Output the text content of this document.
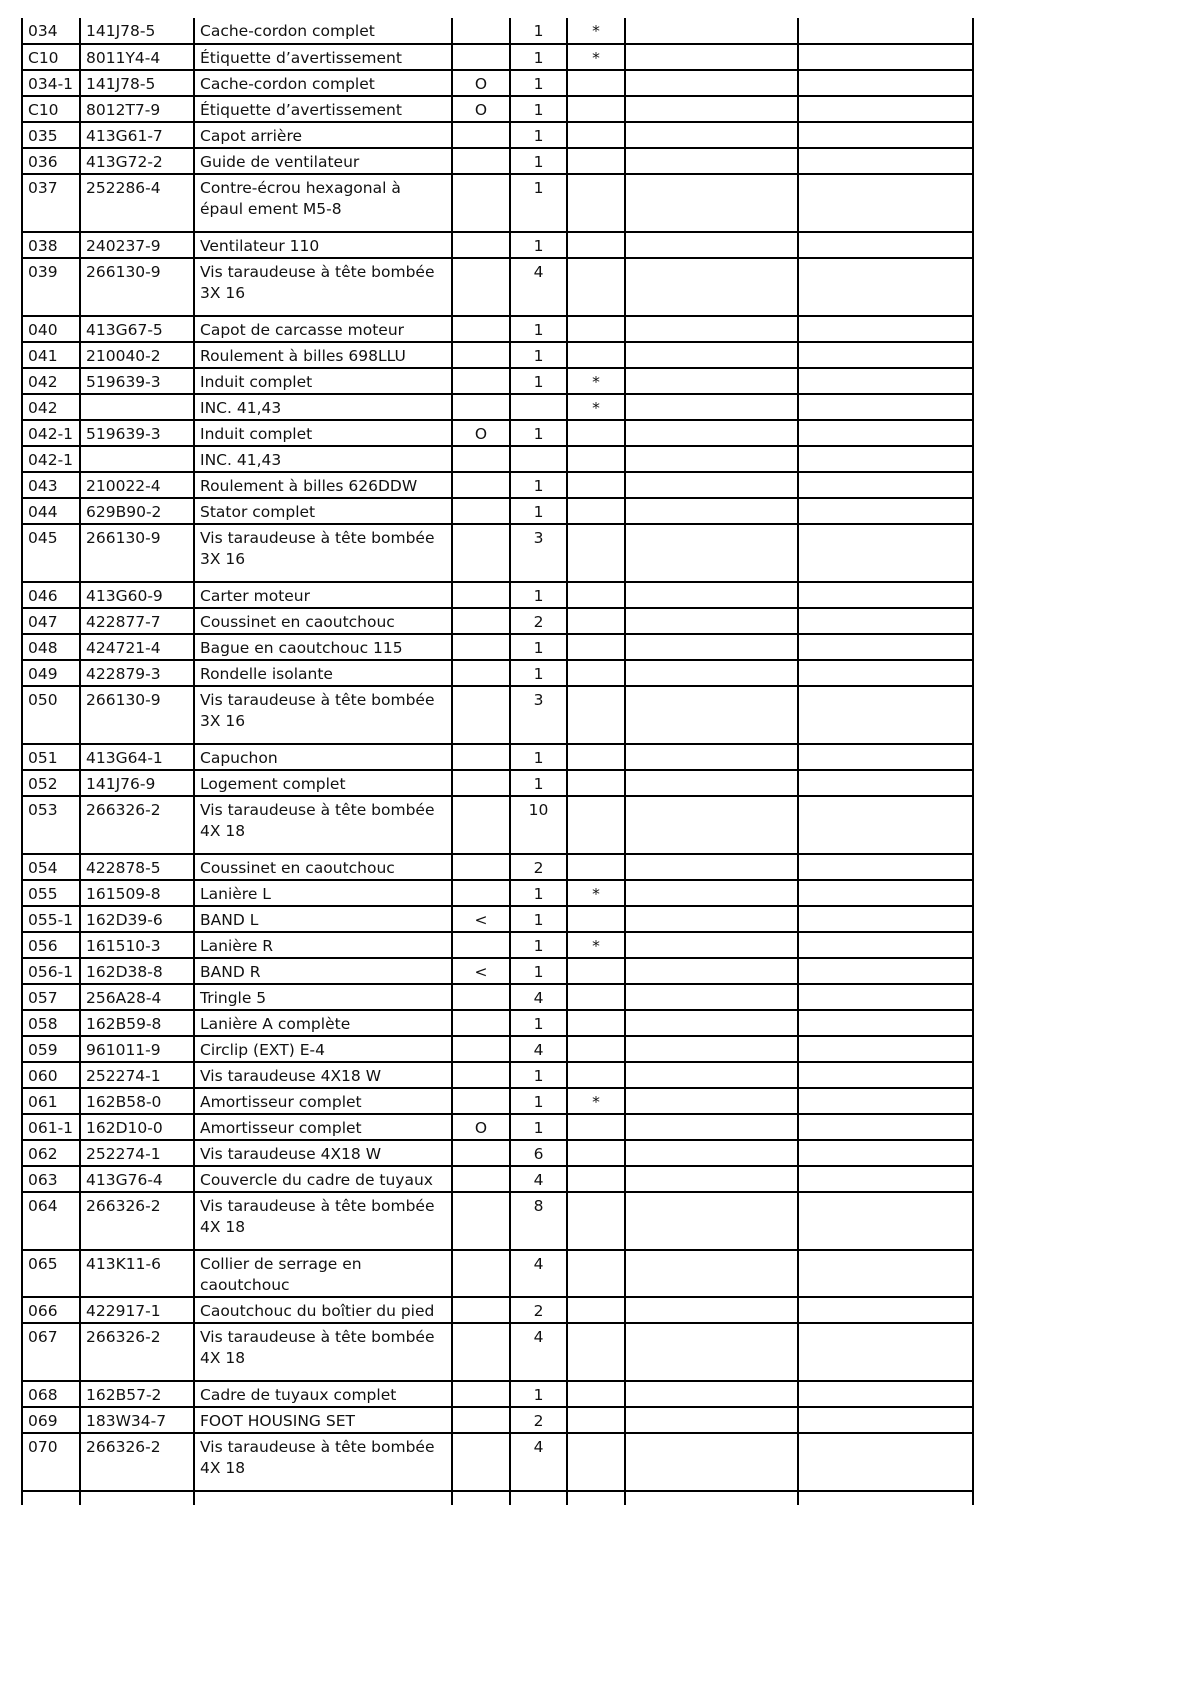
034	141J78-5	Cache-cordon complet		1	*		
C10	8011Y4-4	Étiquette d’avertissement		1	*		
034-1	141J78-5	Cache-cordon complet	O	1			
C10	8012T7-9	Étiquette d’avertissement	O	1			
035	413G61-7	Capot arrière		1			
036	413G72-2	Guide de ventilateur		1			
037	252286-4	Contre-écrou hexagonal à épaul ement M5-8		1			
038	240237-9	Ventilateur 110		1			
039	266130-9	Vis taraudeuse à tête bombée 3X 16		4			
040	413G67-5	Capot de carcasse moteur		1			
041	210040-2	Roulement à billes 698LLU		1			
042	519639-3	Induit complet		1	*		
042		INC. 41,43			*		
042-1	519639-3	Induit complet	O	1			
042-1		INC. 41,43					
043	210022-4	Roulement à billes 626DDW		1			
044	629B90-2	Stator complet		1			
045	266130-9	Vis taraudeuse à tête bombée 3X 16		3			
046	413G60-9	Carter moteur		1			
047	422877-7	Coussinet en caoutchouc		2			
048	424721-4	Bague en caoutchouc 115		1			
049	422879-3	Rondelle isolante		1			
050	266130-9	Vis taraudeuse à tête bombée 3X 16		3			
051	413G64-1	Capuchon		1			
052	141J76-9	Logement complet		1			
053	266326-2	Vis taraudeuse à tête bombée 4X 18		10			
054	422878-5	Coussinet en caoutchouc		2			
055	161509-8	Lanière L		1	*		
055-1	162D39-6	BAND L	<	1			
056	161510-3	Lanière R		1	*		
056-1	162D38-8	BAND R	<	1			
057	256A28-4	Tringle 5		4			
058	162B59-8	Lanière A complète		1			
059	961011-9	Circlip (EXT) E-4		4			
060	252274-1	Vis taraudeuse 4X18 W		1			
061	162B58-0	Amortisseur complet		1	*		
061-1	162D10-0	Amortisseur complet	O	1			
062	252274-1	Vis taraudeuse 4X18 W		6			
063	413G76-4	Couvercle du cadre de tuyaux		4			
064	266326-2	Vis taraudeuse à tête bombée 4X 18		8			
065	413K11-6	Collier de serrage en caoutchouc		4			
066	422917-1	Caoutchouc du boîtier du pied		2			
067	266326-2	Vis taraudeuse à tête bombée 4X 18		4			
068	162B57-2	Cadre de tuyaux complet		1			
069	183W34-7	FOOT HOUSING SET		2			
070	266326-2	Vis taraudeuse à tête bombée 4X 18		4			
